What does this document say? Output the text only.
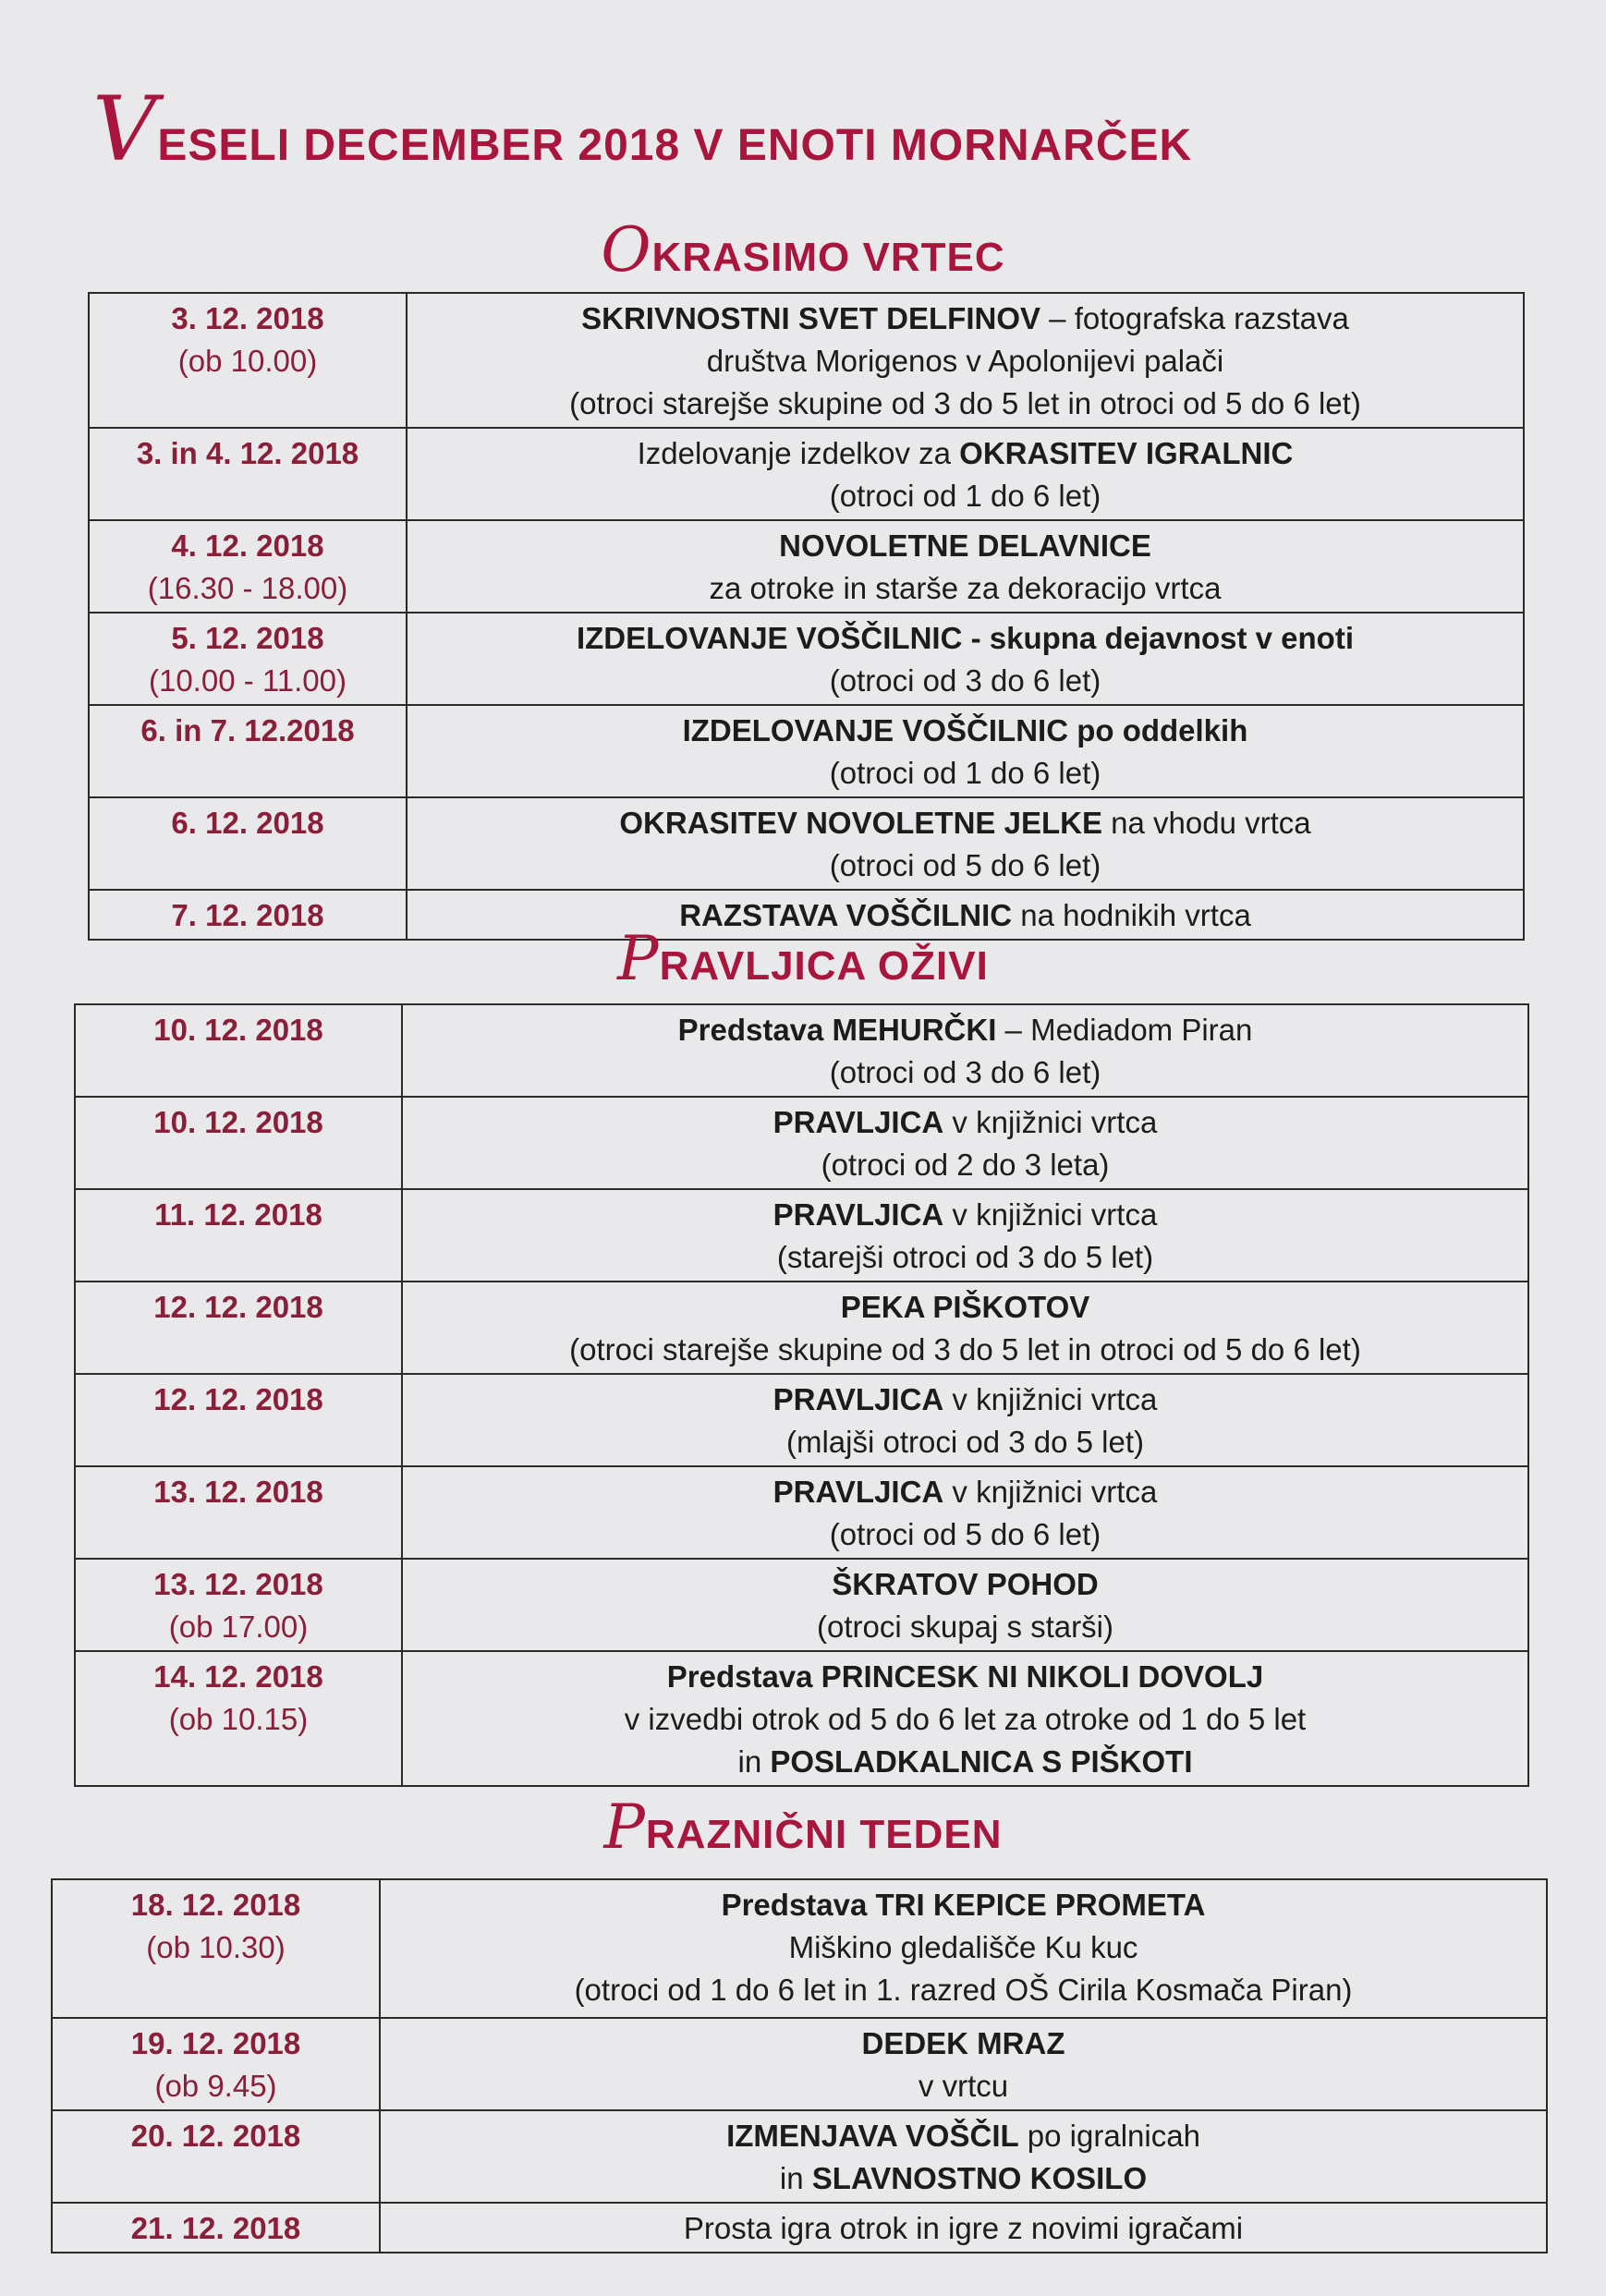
VESELI DECEMBER 2018 V ENOTI MORNARČEK
OKRASIMO VRTEC
3. 12. 2018
(ob 10.00)	SKRIVNOSTNI SVET DELFINOV – fotografska razstava
društva Morigenos v Apolonijevi palači
(otroci starejše skupine od 3 do 5 let in otroci od 5 do 6 let)

3. in 4. 12. 2018	Izdelovanje izdelkov za OKRASITEV IGRALNIC
(otroci od 1 do 6 let)

4. 12. 2018
(16.30 - 18.00)	NOVOLETNE DELAVNICE
za otroke in starše za dekoracijo vrtca

5. 12. 2018
(10.00 - 11.00)	IZDELOVANJE VOŠČILNIC - skupna dejavnost v enoti
(otroci od 3 do 6 let)

6. in 7. 12.2018	IZDELOVANJE VOŠČILNIC po oddelkih
(otroci od 1 do 6 let)

6. 12. 2018	OKRASITEV NOVOLETNE JELKE na vhodu vrtca
(otroci od 5 do 6 let)

7. 12. 2018	RAZSTAVA VOŠČILNIC na hodnikih vrtca
PRAVLJICA OŽIVI
10. 12. 2018	Predstava MEHURČKI – Mediadom Piran
(otroci od 3 do 6 let)

10. 12. 2018	PRAVLJICA v knjižnici vrtca
(otroci od 2 do 3 leta)

11. 12. 2018	PRAVLJICA v knjižnici vrtca
(starejši otroci od 3 do 5 let)

12. 12. 2018	PEKA PIŠKOTOV
(otroci starejše skupine od 3 do 5 let in otroci od 5 do 6 let)

12. 12. 2018	PRAVLJICA v knjižnici vrtca
(mlajši otroci od 3 do 5 let)

13. 12. 2018	PRAVLJICA v knjižnici vrtca
(otroci od 5 do 6 let)

13. 12. 2018
(ob 17.00)	ŠKRATOV POHOD
(otroci skupaj s starši)

14. 12. 2018
(ob 10.15)	Predstava PRINCESK NI NIKOLI DOVOLJ
v izvedbi otrok od 5 do 6 let za otroke od 1 do 5 let
in POSLADKALNICA S PIŠKOTI
PRAZNIČNI TEDEN
18. 12. 2018
(ob 10.30)	Predstava TRI KEPICE PROMETA
Miškino gledališče Ku kuc
(otroci od 1 do 6 let in 1. razred OŠ Cirila Kosmača Piran)

19. 12. 2018
(ob 9.45)	DEDEK MRAZ
v vrtcu

20. 12. 2018	IZMENJAVA VOŠČIL po igralnicah
in SLAVNOSTNO KOSILO

21. 12. 2018	Prosta igra otrok in igre z novimi igračami
